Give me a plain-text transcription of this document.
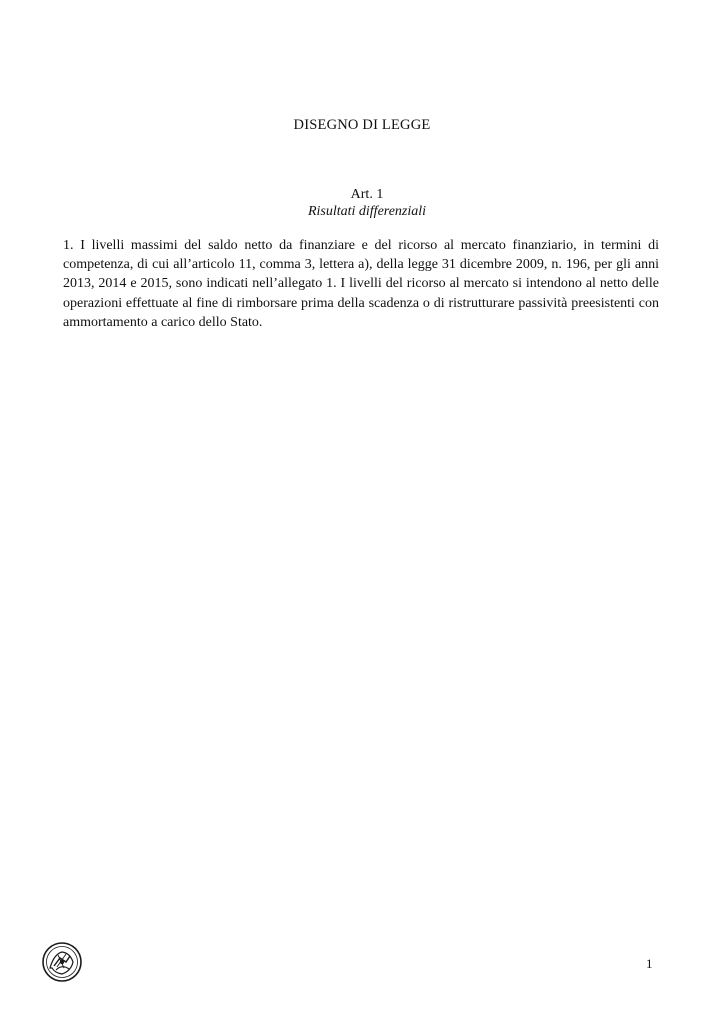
DISEGNO DI LEGGE
Art. 1
Risultati differenziali
1. I livelli massimi del saldo netto da finanziare e del ricorso al mercato finanziario, in termini di competenza, di cui all’articolo 11, comma 3, lettera a), della legge 31 dicembre 2009, n. 196, per gli anni 2013, 2014 e 2015, sono indicati nell’allegato 1. I livelli del ricorso al mercato si intendono al netto delle operazioni effettuate al fine di rimborsare prima della scadenza o di ristrutturare passività preesistenti con ammortamento a carico dello Stato.
1
